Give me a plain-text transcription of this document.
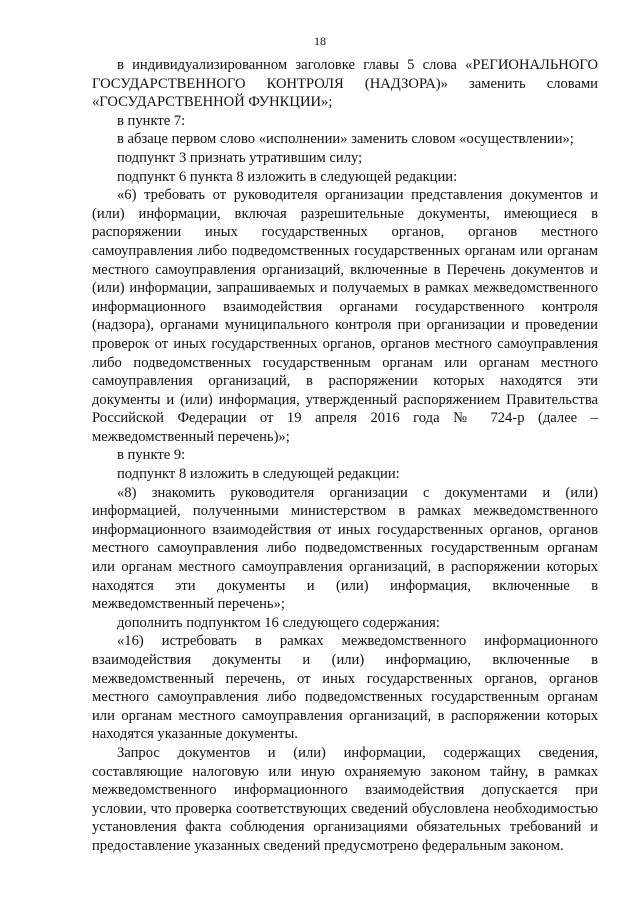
18

в индивидуализированном заголовке главы 5 слова «РЕГИОНАЛЬНОГО ГОСУДАРСТВЕННОГО КОНТРОЛЯ (НАДЗОРА)» заменить словами «ГОСУДАРСТВЕННОЙ ФУНКЦИИ»;

в пункте 7:

в абзаце первом слово «исполнении» заменить словом «осуществлении»;

подпункт 3 признать утратившим силу;

подпункт 6 пункта 8 изложить в следующей редакции:

«6) требовать от руководителя организации представления документов и (или) информации, включая разрешительные документы, имеющиеся в распоряжении иных государственных органов, органов местного самоуправления либо подведомственных государственных органам или органам местного самоуправления организаций, включенные в Перечень документов и (или) информации, запрашиваемых и получаемых в рамках межведомственного информационного взаимодействия органами государственного контроля (надзора), органами муниципального контроля при организации и проведении проверок от иных государственных органов, органов местного самоуправления либо подведомственных государственным органам или органам местного самоуправления организаций, в распоряжении которых находятся эти документы и (или) информация, утвержденный распоряжением Правительства Российской Федерации от 19 апреля 2016 года № 724-р (далее – межведомственный перечень)»;

в пункте 9:

подпункт 8 изложить в следующей редакции:

«8) знакомить руководителя организации с документами и (или) информацией, полученными министерством в рамках межведомственного информационного взаимодействия от иных государственных органов, органов местного самоуправления либо подведомственных государственным органам или органам местного самоуправления организаций, в распоряжении которых находятся эти документы и (или) информация, включенные в межведомственный перечень»;

дополнить подпунктом 16 следующего содержания:

«16) истребовать в рамках межведомственного информационного взаимодействия документы и (или) информацию, включенные в межведомственный перечень, от иных государственных органов, органов местного самоуправления либо подведомственных государственным органам или органам местного самоуправления организаций, в распоряжении которых находятся указанные документы.

Запрос документов и (или) информации, содержащих сведения, составляющие налоговую или иную охраняемую законом тайну, в рамках межведомственного информационного взаимодействия допускается при условии, что проверка соответствующих сведений обусловлена необходимостью установления факта соблюдения организациями обязательных требований и предоставление указанных сведений предусмотрено федеральным законом.
